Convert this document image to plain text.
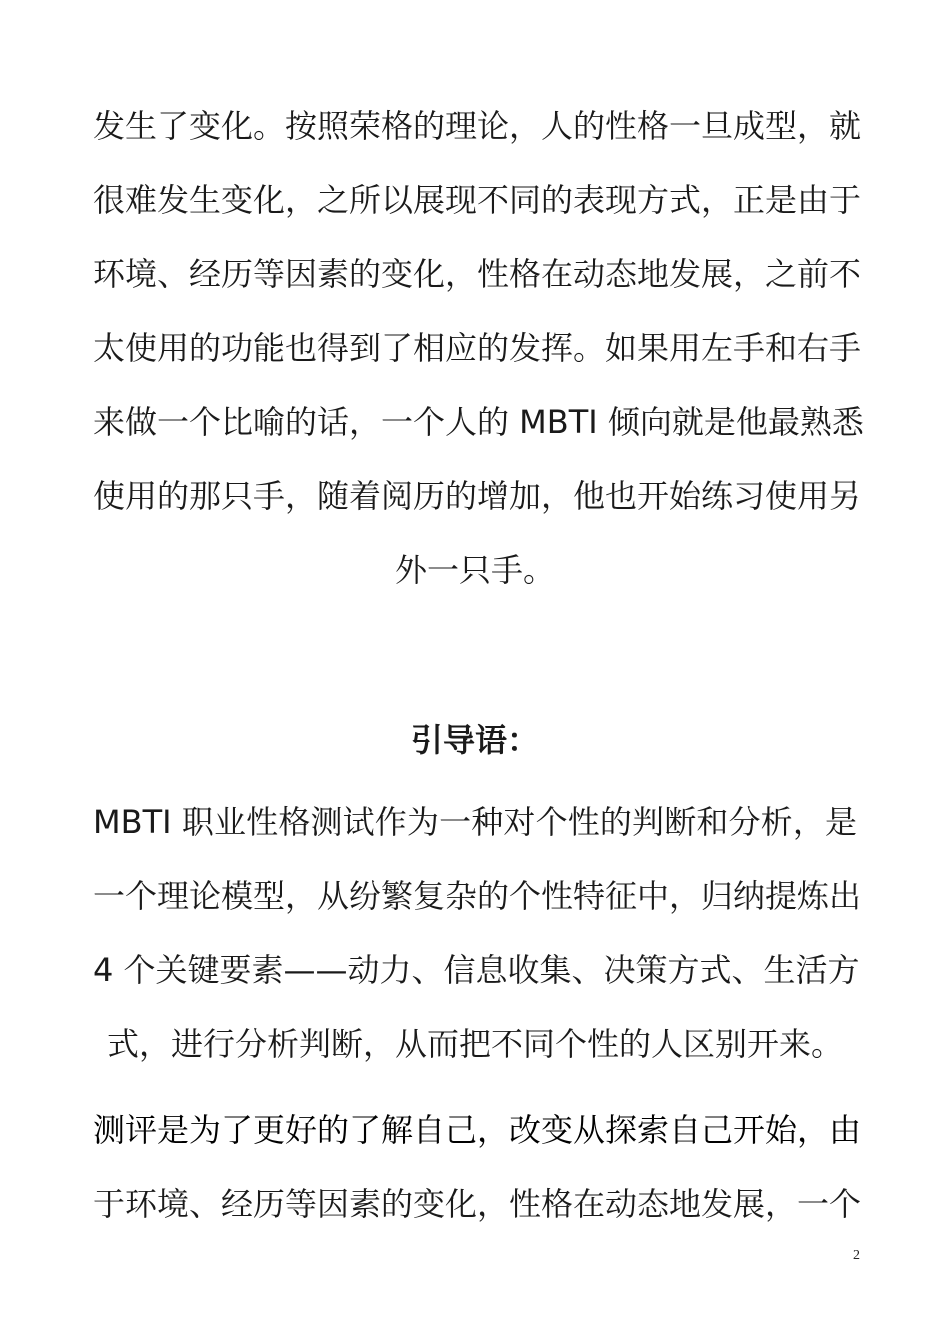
发生了变化。按照荣格的理论，人的性格一旦成型，就
很难发生变化，之所以展现不同的表现方式，正是由于
环境、经历等因素的变化，性格在动态地发展，之前不
太使用的功能也得到了相应的发挥。如果用左手和右手
来做一个比喻的话，一个人的 MBTI 倾向就是他最熟悉
使用的那只手，随着阅历的增加，他也开始练习使用另
外一只手。
引导语：
MBTI 职业性格测试作为一种对个性的判断和分析，是
一个理论模型，从纷繁复杂的个性特征中，归纳提炼出
4 个关键要素——动力、信息收集、决策方式、生活方
式，进行分析判断，从而把不同个性的人区别开来。
测评是为了更好的了解自己，改变从探索自己开始，由
于环境、经历等因素的变化，性格在动态地发展，一个
2
